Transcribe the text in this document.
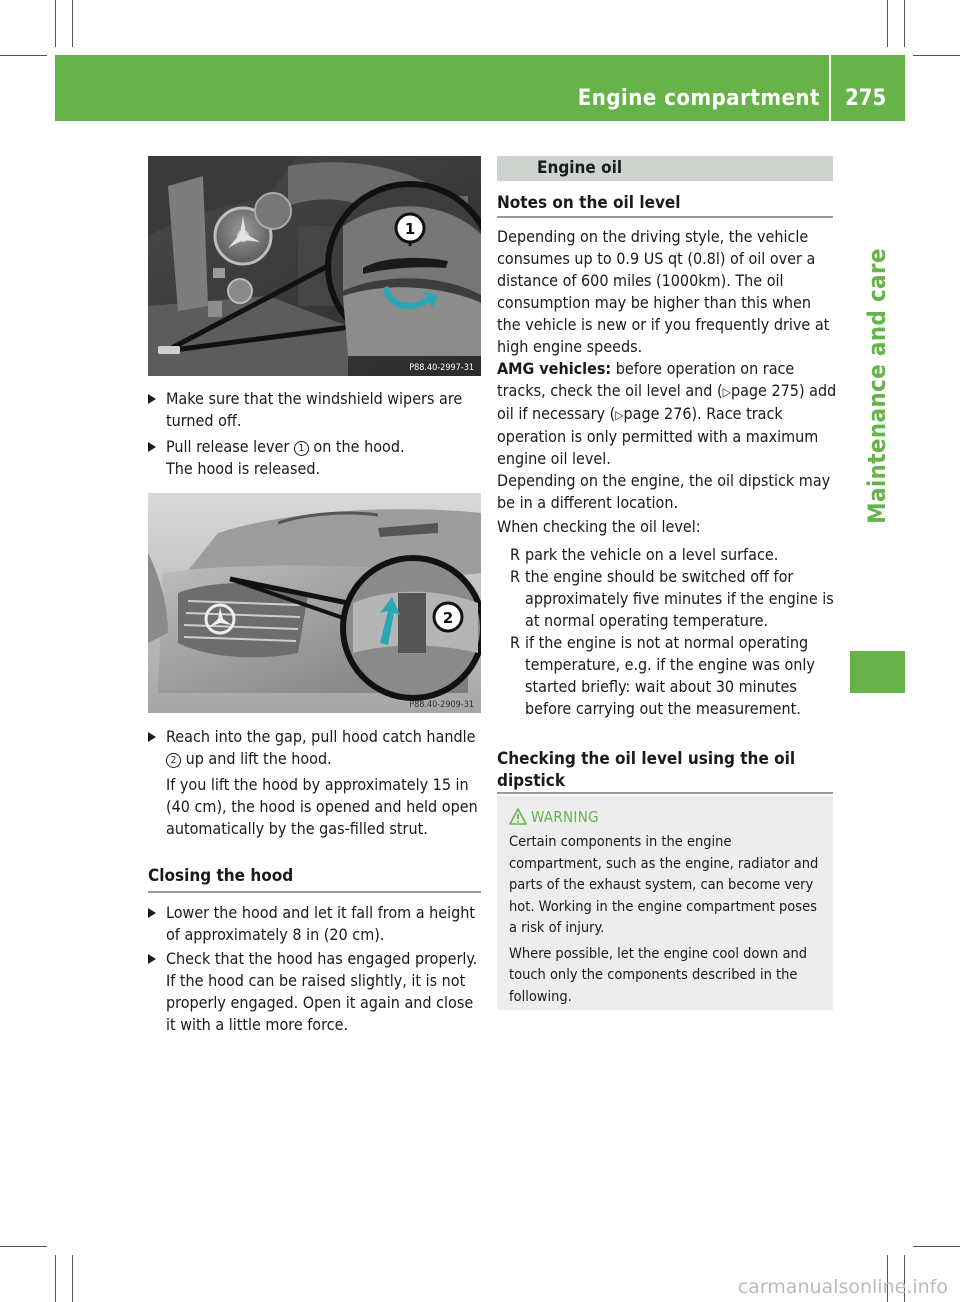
Engine compartment 275
Maintenance and care
1
P88.40-2997-31
Make sure that the windshield wipers are turned off.
Pull release lever 1 on the hood.
The hood is released.
2
P88.40-2909-31
Reach into the gap, pull hood catch handle 2 up and lift the hood.

If you lift the hood by approximately 15 in (40 cm), the hood is opened and held open automatically by the gas-filled strut.
Closing the hood
Lower the hood and let it fall from a height of approximately 8 in (20 cm).
Check that the hood has engaged properly. If the hood can be raised slightly, it is not properly engaged. Open it again and close it with a little more force.
Engine oil
Notes on the oil level
Depending on the driving style, the vehicle consumes up to 0.9 US qt (0.8l) of oil over a distance of 600 miles (1000km). The oil consumption may be higher than this when the vehicle is new or if you frequently drive at high engine speeds.
AMG vehicles: before operation on race tracks, check the oil level and (▷page 275) add oil if necessary (▷page 276). Race track operation is only permitted with a maximum engine oil level.
Depending on the engine, the oil dipstick may be in a different location.
When checking the oil level:
R park the vehicle on a level surface.
R the engine should be switched off for approximately five minutes if the engine is at normal operating temperature.
R if the engine is not at normal operating temperature, e.g. if the engine was only started briefly: wait about 30 minutes before carrying out the measurement.
Checking the oil level using the oil dipstick
WARNING

Certain components in the engine compartment, such as the engine, radiator and parts of the exhaust system, can become very hot. Working in the engine compartment poses a risk of injury.

Where possible, let the engine cool down and touch only the components described in the following.

carmanualsonline.info
